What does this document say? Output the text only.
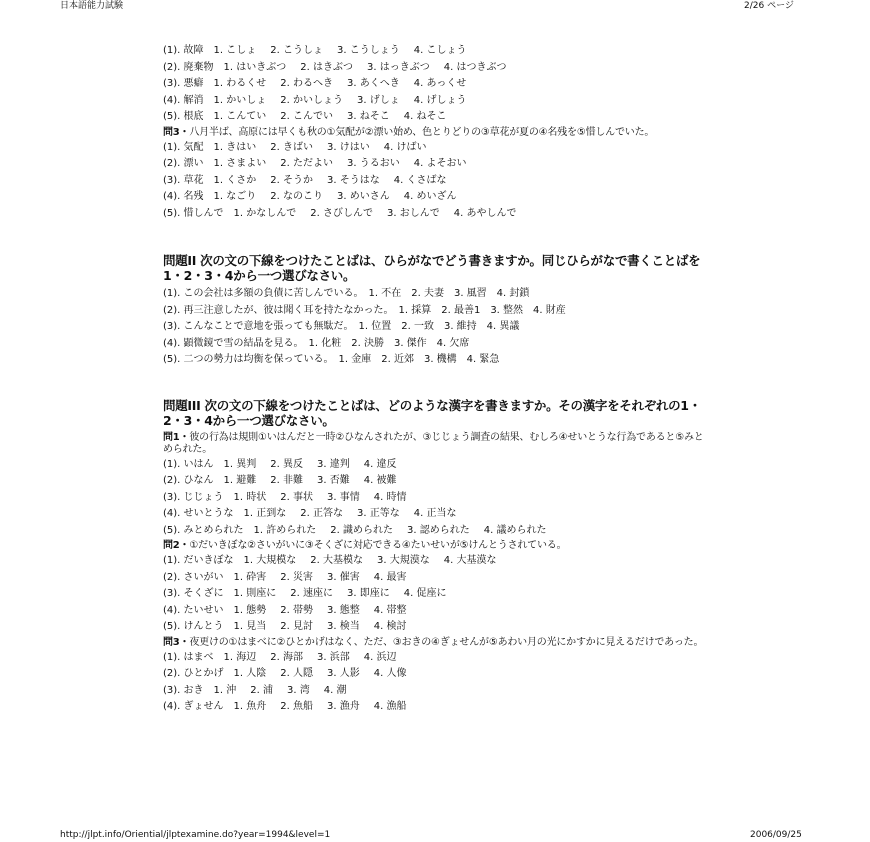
日本語能力試験	2/26 ページ
(1). 故障 1. こしょ 2. こうしょ 3. こうしょう 4. こしょう
(2). 廃棄物 1. はいきぶつ 2. はきぶつ 3. はっきぶつ 4. はつきぶつ
(3). 悪癖 1. わるくせ 2. わるへき 3. あくへき 4. あっくせ
(4). 解消 1. かいしょ 2. かいしょう 3. げしょ 4. げしょう
(5). 根底 1. こんてい 2. こんでい 3. ねそこ 4. ねそこ
問3・八月半ば、高原には早くも秋の①気配が②漂い始め、色とりどりの③草花が夏の④名残を⑤惜しんでいた。
(1). 気配 1. きはい 2. きばい 3. けはい 4. けばい
(2). 漂い 1. さまよい 2. ただよい 3. うるおい 4. よそおい
(3). 草花 1. くさか 2. そうか 3. そうはな 4. くさばな
(4). 名残 1. なごり 2. なのこり 3. めいさん 4. めいざん
(5). 惜しんで 1. かなしんで 2. さびしんで 3. おしんで 4. あやしんで
問題II 次の文の下線をつけたことばは、ひらがなでどう書きますか。同じひらがなで書くことばを1・2・3・4から一つ選びなさい。
(1). この会社は多額の負債に苦しんでいる。　1. 不在　2. 夫妻　3. 風習　4. 封鎖
(2). 再三注意したが、彼は聞く耳を持たなかった。　1. 採算　2. 最善1　3. 整然　4. 財産
(3). こんなことで意地を張っても無駄だ。　1. 位置　2. 一致　3. 維持　4. 異議
(4). 顕微鏡で雪の結晶を見る。　1. 化粧　2. 決勝　3. 傑作　4. 欠席
(5). 二つの勢力は均衡を保っている。　1. 金庫　2. 近郊　3. 機構　4. 緊急
問題III 次の文の下線をつけたことばは、どのような漢字を書きますか。その漢字をそれぞれの1・2・3・4から一つ選びなさい。
問1・彼の行為は規則①いはんだと一時②ひなんされたが、③じじょう調査の結果、むしろ④せいとうな行為であると⑤みとめられた。
(1). いはん 1. 異判 2. 異反 3. 違判 4. 違反
(2). ひなん 1. 避難 2. 非難 3. 否難 4. 被難
(3). じじょう 1. 時状 2. 事状 3. 事情 4. 時情
(4). せいとうな 1. 正到な 2. 正答な 3. 正等な 4. 正当な
(5). みとめられた 1. 許められた 2. 識められた 3. 認められた 4. 議められた
問2・①だいきぼな②さいがいに③そくざに対応できる④たいせいが⑤けんとうされている。
(1). だいきぼな 1. 大規模な 2. 大基模な 3. 大規漠な 4. 大基漠な
(2). さいがい 1. 砕害 2. 災害 3. 催害 4. 最害
(3). そくざに 1. 則座に 2. 速座に 3. 即座に 4. 促座に
(4). たいせい 1. 態勢 2. 帯勢 3. 態整 4. 帯整
(5). けんとう 1. 見当 2. 見討 3. 検当 4. 検討
問3・夜更けの①はまべに②ひとかげはなく、ただ、③おきの④ぎょせんが⑤あわい月の光にかすかに見えるだけであった。
(1). はまべ 1. 海辺 2. 海部 3. 浜部 4. 浜辺
(2). ひとかげ 1. 人陰 2. 人隠 3. 人影 4. 人像
(3). おき 1. 沖 2. 浦 3. 湾 4. 潮
(4). ぎょせん 1. 魚舟 2. 魚船 3. 漁舟 4. 漁船
http://jlpt.info/Oriential/jlptexamine.do?year=1994&level=1	2006/09/25
